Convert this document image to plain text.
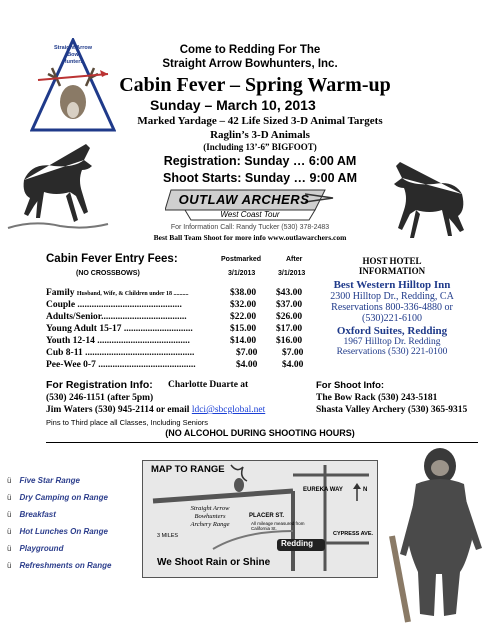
Straight Arrow
Bow
Hunters
Come to Redding For The
Straight Arrow Bowhunters, Inc.
Cabin Fever – Spring Warm-up
Sunday – March 10, 2013
Marked Yardage – 42 Life Sized 3-D Animal Targets
Raglin’s 3-D Animals
(Including 13’-6” BIGFOOT)
Registration: Sunday … 6:00 AM
Shoot Starts: Sunday … 9:00 AM
OUTLAW ARCHERS
West Coast Tour
For Information Call: Randy Tucker (530) 378-2483
Best Ball Team Shoot for more info www.outlawarchers.com
Cabin Fever Entry Fees:	Postmarked	After
(NO CROSSBOWS)	3/1/2013	3/1/2013
Family Husband, Wife, & Children under 18 ..........	$38.00 $43.00
Couple ............................................	$32.00 $37.00
Adults/Senior....................................	$22.00 $26.00
Young Adult 15-17 .............................	$15.00 $17.00
Youth 12-14 .......................................	$14.00 $16.00
Cub 8-11 ..............................................	$7.00	$7.00
Pee-Wee 0-7 .........................................	$4.00	$4.00
HOST HOTEL
INFORMATION
Best Western Hilltop Inn
2300 Hilltop Dr., Redding, CA
Reservations 800-336-4880 or
(530)221-6100
Oxford Suites, Redding
1967 Hilltop Dr. Redding
Reservations (530) 221-0100
For Registration Info: Charlotte Duarte at
(530) 246-1151 (after 5pm)
Jim Waters (530) 945-2114 or email ldci@sbcglobal.net
Pins to Third place all Classes, Including Seniors
For Shoot Info:
The Bow Rack (530) 243-5181
Shasta Valley Archery (530) 365-9315
(NO ALCOHOL DURING SHOOTING HOURS)
ü Five Star Range
ü Dry Camping on Range
ü Breakfast
ü Hot Lunches On Range
ü Playground
ü Refreshments on Range
MAP TO RANGE
Straight Arrow
Bowhunters
Archery Range
EUREKA WAY
PLACER ST.
All mileage measured from California St.
Redding
CYPRESS AVE.
3 MILES
N
We Shoot Rain or Shine
